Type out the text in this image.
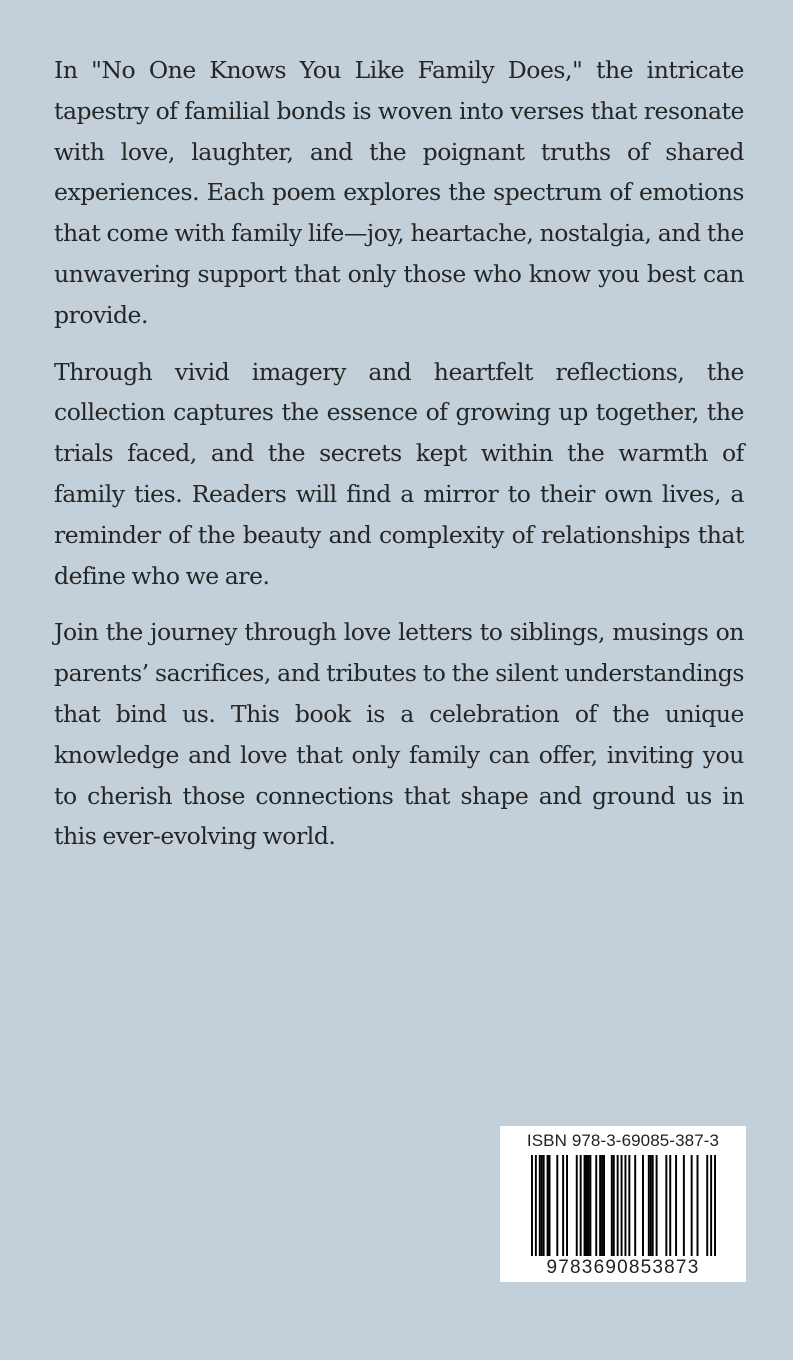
In "No One Knows You Like Family Does," the intricate tapestry of familial bonds is woven into verses that resonate with love, laughter, and the poignant truths of shared experiences. Each poem explores the spectrum of emotions that come with family life—joy, heartache, nostalgia, and the unwavering support that only those who know you best can provide.

Through vivid imagery and heartfelt reflections, the collection captures the essence of growing up together, the trials faced, and the secrets kept within the warmth of family ties. Readers will find a mirror to their own lives, a reminder of the beauty and complexity of relationships that define who we are.

Join the journey through love letters to siblings, musings on parents’ sacrifices, and tributes to the silent understandings that bind us. This book is a celebration of the unique knowledge and love that only family can offer, inviting you to cherish those connections that shape and ground us in this ever-evolving world.

ISBN 978-3-69085-387-3
9783690853873
